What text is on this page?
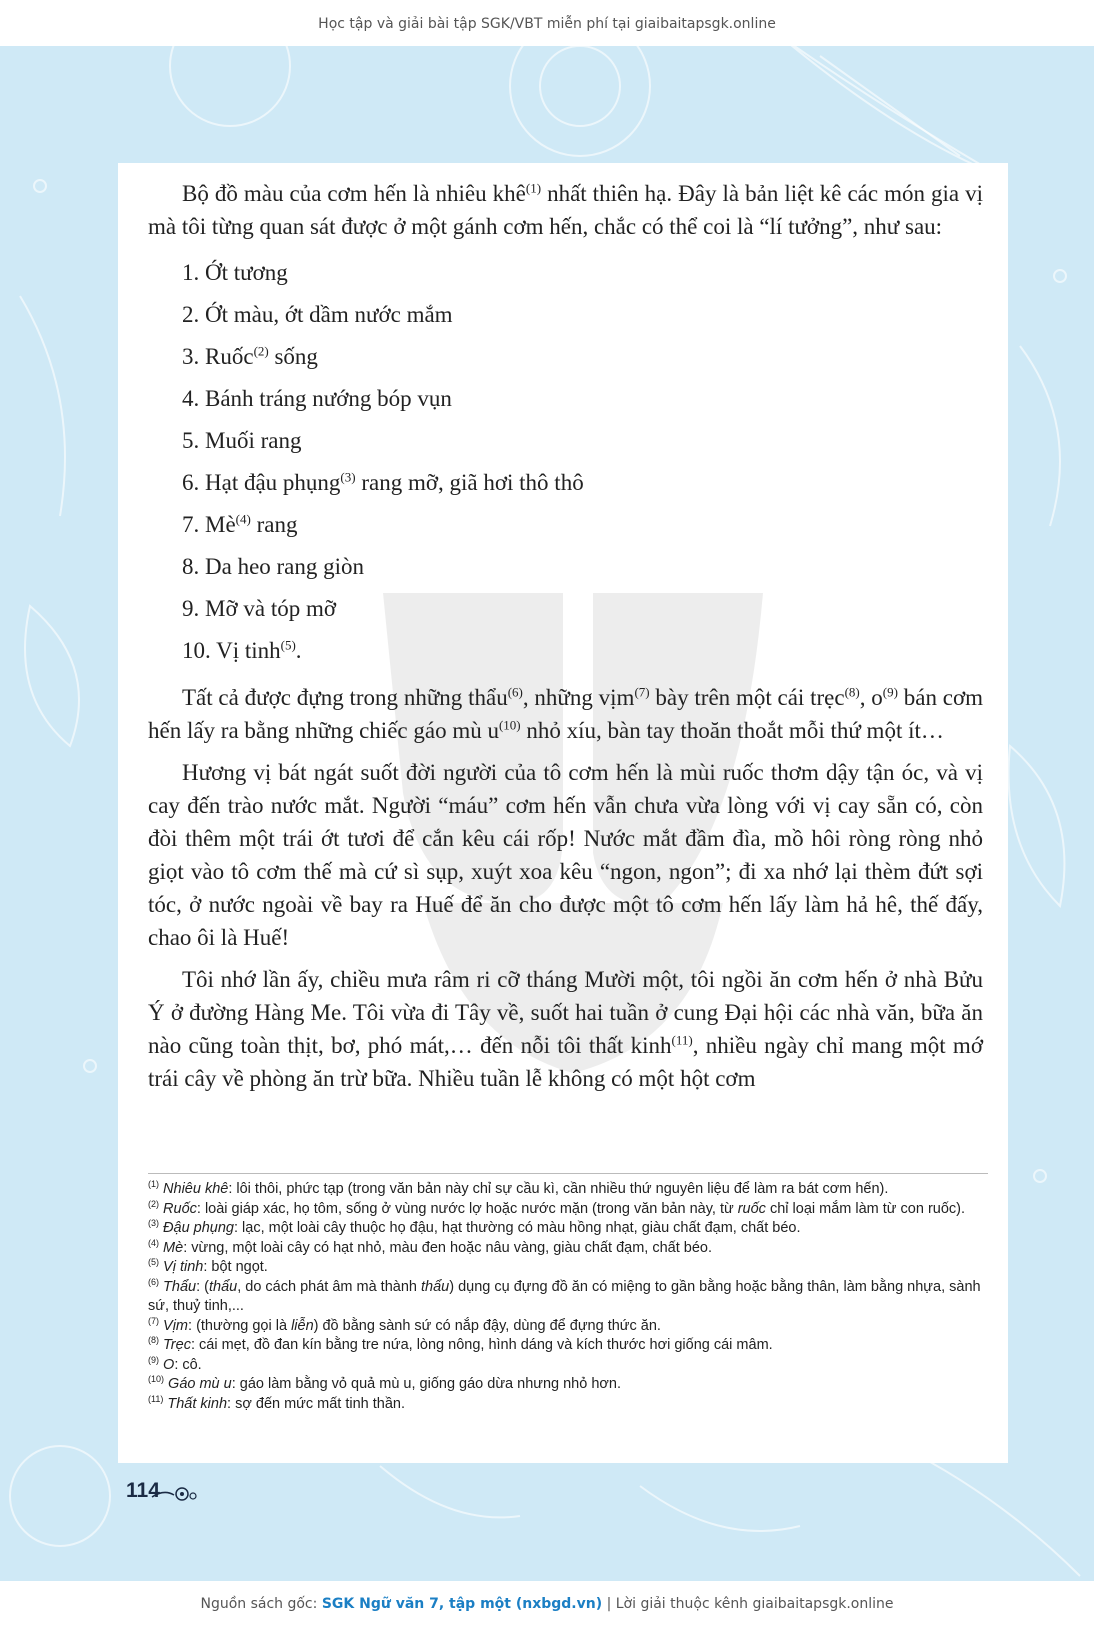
Học tập và giải bài tập SGK/VBT miễn phí tại giaibaitapsgk.online

Bộ đồ màu của cơm hến là nhiêu khê$^{(1)}$ nhất thiên hạ. Đây là bản liệt kê các món gia vị mà tôi từng quan sát được ở một gánh cơm hến, chắc có thể coi là “lí tưởng”, như sau:

1. Ớt tương
2. Ớt màu, ớt dầm nước mắm
3. Ruốc$^{(2)}$ sống
4. Bánh tráng nướng bóp vụn
5. Muối rang
6. Hạt đậu phụng$^{(3)}$ rang mỡ, giã hơi thô thô
7. $Mè^{(4)}$ rang
8. Da heo rang giòn
9. Mỡ và tóp mỡ
10. Vị tinh$^{(5)}$.

Tất cả được đựng trong những thẩu$^{(6)}$, những vịm$^{(7)}$ bày trên một cái trẹc$^{(8)}$, $o^{(9)}$ bán cơm hến lấy ra bằng những chiếc gáo mù $u^{(10)}$ nhỏ xíu, bàn tay thoăn thoắt mỗi thứ một ít…

Hương vị bát ngát suốt đời người của tô cơm hến là mùi ruốc thơm dậy tận óc, và vị cay đến trào nước mắt. Người “máu” cơm hến vẫn chưa vừa lòng với vị cay sẵn có, còn đòi thêm một trái ớt tươi để cắn kêu cái rốp! Nước mắt đầm đìa, mồ hôi ròng ròng nhỏ giọt vào tô cơm thế mà cứ sì sụp, xuýt xoa kêu “ngon, ngon”; đi xa nhớ lại thèm đứt sợi tóc, ở nước ngoài về bay ra Huế để ăn cho được một tô cơm hến lấy làm hả hê, thế đấy, chao ôi là Huế!

Tôi nhớ lần ấy, chiều mưa râm ri cỡ tháng Mười một, tôi ngồi ăn cơm hến ở nhà Bửu Ý ở đường Hàng Me. Tôi vừa đi Tây về, suốt hai tuần ở cung Đại hội các nhà văn, bữa ăn nào cũng toàn thịt, bơ, phó mát,… đến nỗi tôi thất kinh$^{(11)}$, nhiều ngày chỉ mang một mớ trái cây về phòng ăn trừ bữa. Nhiều tuần lễ không có một hột cơm

$^{(1)}$ Nhiêu khê: lôi thôi, phức tạp (trong văn bản này chỉ sự cầu kì, cần nhiều thứ nguyên liệu để làm ra bát cơm hến).
$^{(2)}$ Ruốc: loài giáp xác, họ tôm, sống ở vùng nước lợ hoặc nước mặn (trong văn bản này, từ ruốc chỉ loại mắm làm từ con ruốc).
$^{(3)}$ Đậu phụng: lạc, một loài cây thuộc họ đậu, hạt thường có màu hồng nhạt, giàu chất đạm, chất béo.
$^{(4)}$ Mè: vừng, một loài cây có hạt nhỏ, màu đen hoặc nâu vàng, giàu chất đạm, chất béo.
$^{(5)}$ Vị tinh: bột ngọt.
$^{(6)}$ Thẩu: (thẩu, do cách phát âm mà thành thẩu) dụng cụ đựng đồ ăn có miệng to gần bằng hoặc bằng thân, làm bằng nhựa, sành sứ, thuỷ tinh,...
$^{(7)}$ Vịm: (thường gọi là liễn) đồ bằng sành sứ có nắp đậy, dùng để đựng thức ăn.
$^{(8)}$ Trẹc: cái mẹt, đồ đan kín bằng tre nứa, lòng nông, hình dáng và kích thước hơi giống cái mâm.
$^{(9)}$ O: cô.
$^{(10)}$ Gáo mù u: gáo làm bằng vỏ quả mù u, giống gáo dừa nhưng nhỏ hơn.
$^{(11)}$ Thất kinh: sợ đến mức mất tinh thần.
114
Nguồn sách gốc: SGK Ngữ văn 7, tập một (nxbgd.vn) | Lời giải thuộc kênh giaibaitapsgk.online
